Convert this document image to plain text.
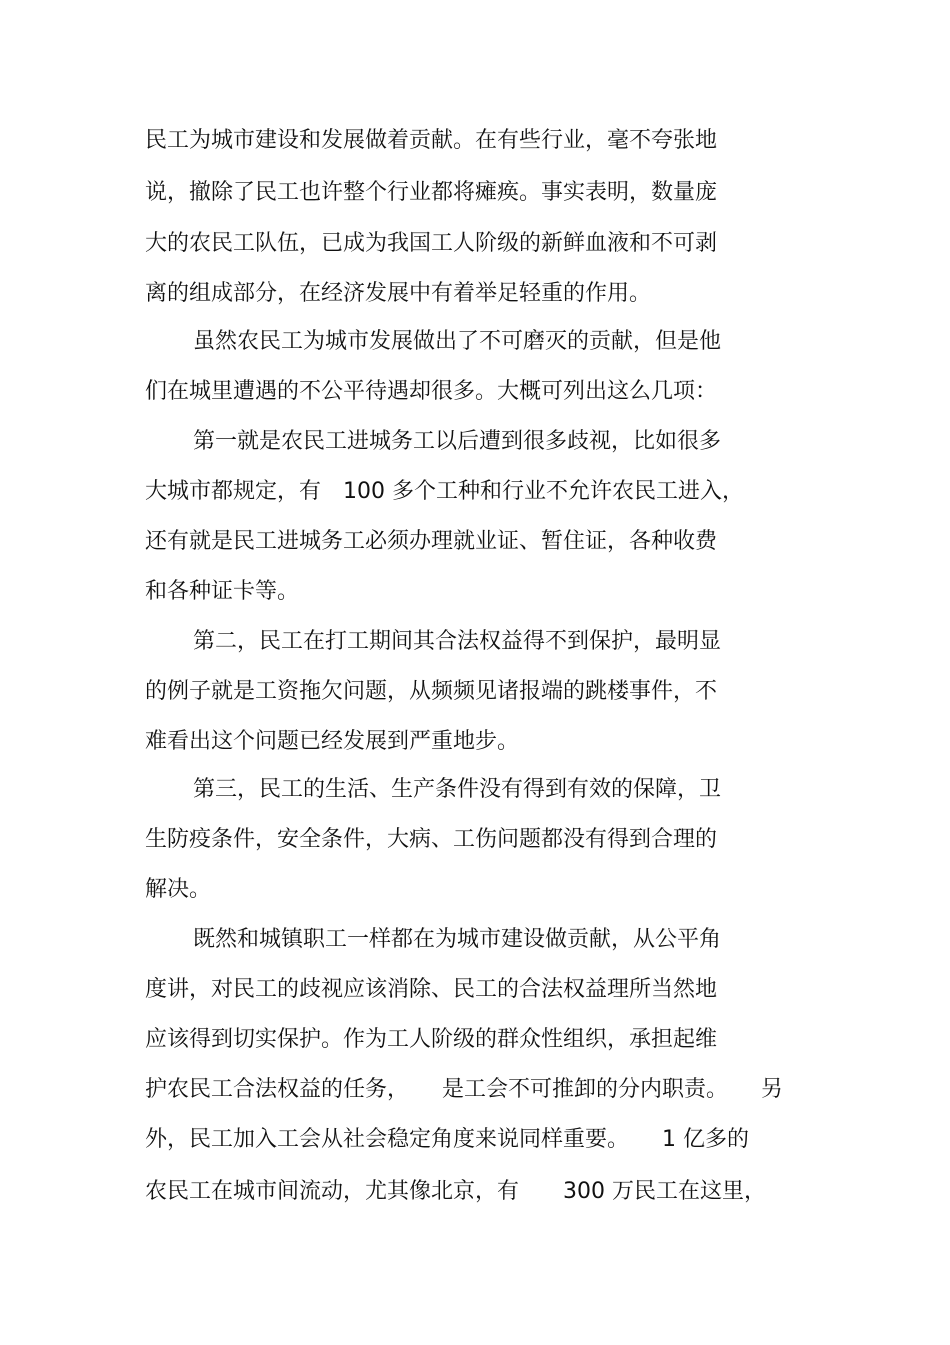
民工为城市建设和发展做着贡献。在有些行业，毫不夸张地
说，撤除了民工也许整个行业都将瘫痪。事实表明，数量庞
大的农民工队伍，已成为我国工人阶级的新鲜血液和不可剥
离的组成部分，在经济发展中有着举足轻重的作用。
虽然农民工为城市发展做出了不可磨灭的贡献，但是他
们在城里遭遇的不公平待遇却很多。大概可列出这么几项：
第一就是农民工进城务工以后遭到很多歧视，比如很多
大城市都规定，有　100 多个工种和行业不允许农民工进入，
还有就是民工进城务工必须办理就业证、暂住证，各种收费
和各种证卡等。
第二，民工在打工期间其合法权益得不到保护，最明显
的例子就是工资拖欠问题，从频频见诸报端的跳楼事件，不
难看出这个问题已经发展到严重地步。
第三，民工的生活、生产条件没有得到有效的保障，卫
生防疫条件，安全条件，大病、工伤问题都没有得到合理的
解决。
既然和城镇职工一样都在为城市建设做贡献，从公平角
度讲，对民工的歧视应该消除、民工的合法权益理所当然地
应该得到切实保护。作为工人阶级的群众性组织，承担起维
护农民工合法权益的任务，　　是工会不可推卸的分内职责。　　另
外，民工加入工会从社会稳定角度来说同样重要。　　1 亿多的
农民工在城市间流动，尤其像北京，有　　300 万民工在这里，
